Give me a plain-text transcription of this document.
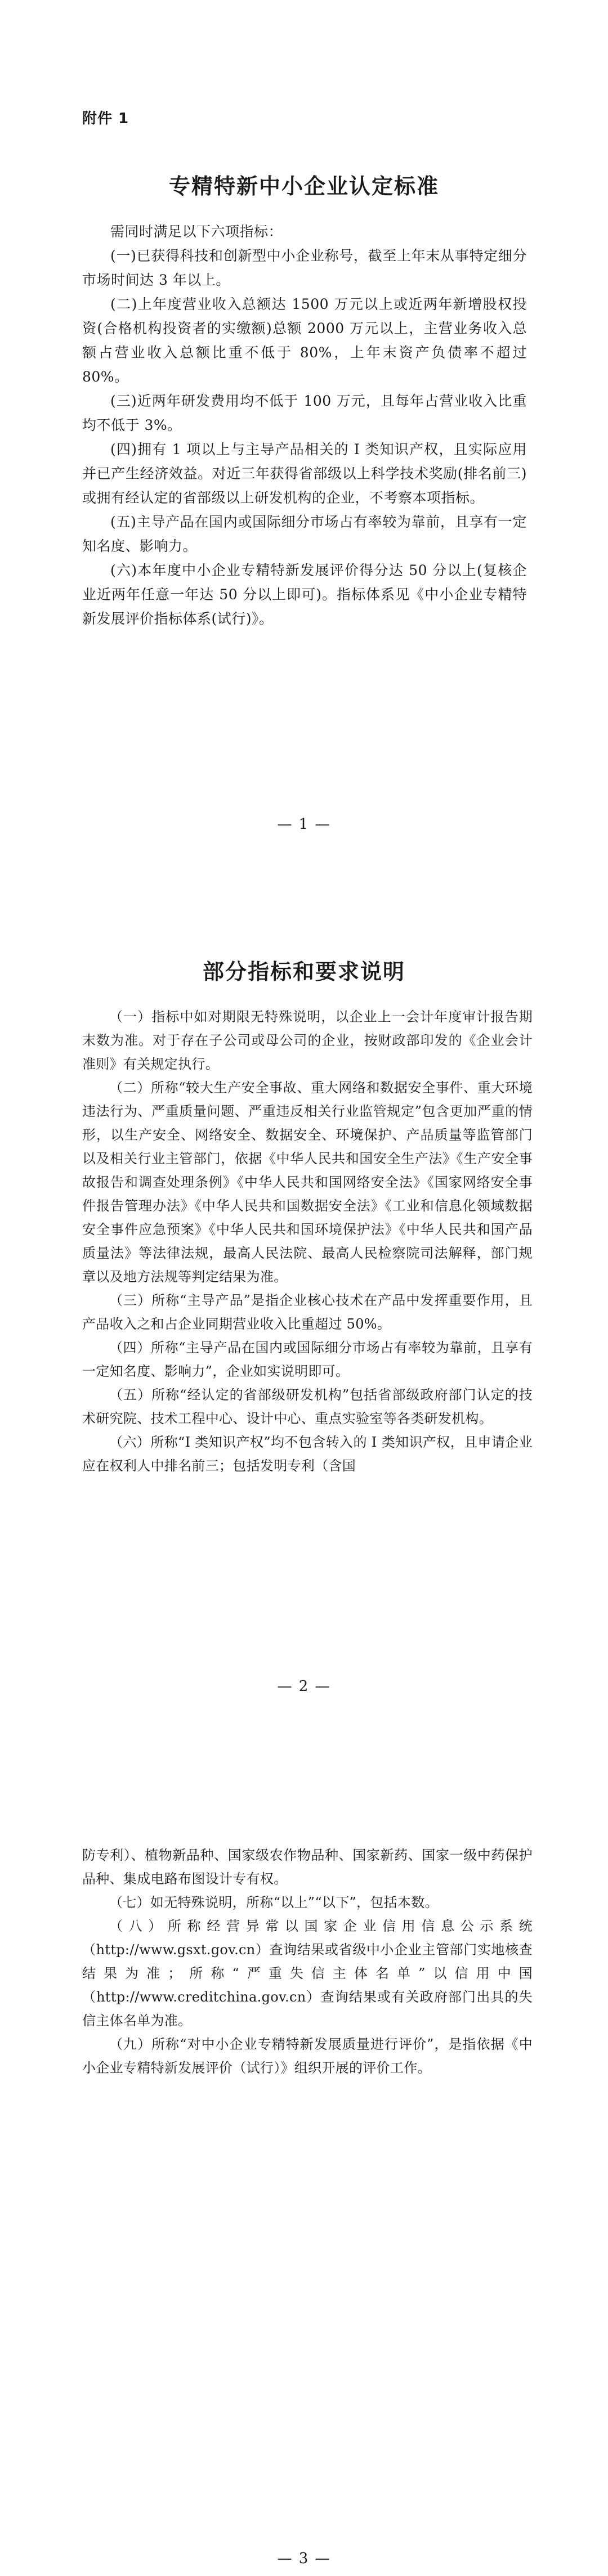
附件 1
专精特新中小企业认定标准

需同时满足以下六项指标：

(一)已获得科技和创新型中小企业称号，截至上年末从事特定细分市场时间达 3 年以上。

(二)上年度营业收入总额达 1500 万元以上或近两年新增股权投资(合格机构投资者的实缴额)总额 2000 万元以上，主营业务收入总额占营业收入总额比重不低于 80%，上年末资产负债率不超过 80%。

(三)近两年研发费用均不低于 100 万元，且每年占营业收入比重均不低于 3%。

(四)拥有 1 项以上与主导产品相关的 I 类知识产权，且实际应用并已产生经济效益。对近三年获得省部级以上科学技术奖励(排名前三)或拥有经认定的省部级以上研发机构的企业，不考察本项指标。

(五)主导产品在国内或国际细分市场占有率较为靠前，且享有一定知名度、影响力。

(六)本年度中小企业专精特新发展评价得分达 50 分以上(复核企业近两年任意一年达 50 分以上即可)。指标体系见《中小企业专精特新发展评价指标体系(试行)》。

— 1 —
部分指标和要求说明

（一）指标中如对期限无特殊说明，以企业上一会计年度审计报告期末数为准。对于存在子公司或母公司的企业，按财政部印发的《企业会计准则》有关规定执行。

（二）所称“较大生产安全事故、重大网络和数据安全事件、重大环境违法行为、严重质量问题、严重违反相关行业监管规定”包含更加严重的情形，以生产安全、网络安全、数据安全、环境保护、产品质量等监管部门以及相关行业主管部门，依据《中华人民共和国安全生产法》《生产安全事故报告和调查处理条例》《中华人民共和国网络安全法》《国家网络安全事件报告管理办法》《中华人民共和国数据安全法》《工业和信息化领域数据安全事件应急预案》《中华人民共和国环境保护法》《中华人民共和国产品质量法》等法律法规，最高人民法院、最高人民检察院司法解释，部门规章以及地方法规等判定结果为准。

（三）所称“主导产品”是指企业核心技术在产品中发挥重要作用，且产品收入之和占企业同期营业收入比重超过 50%。

（四）所称“主导产品在国内或国际细分市场占有率较为靠前，且享有一定知名度、影响力”，企业如实说明即可。

（五）所称“经认定的省部级研发机构”包括省部级政府部门认定的技术研究院、技术工程中心、设计中心、重点实验室等各类研发机构。

（六）所称“I 类知识产权”均不包含转入的 I 类知识产权，且申请企业应在权利人中排名前三；包括发明专利（含国

— 2 —

防专利）、植物新品种、国家级农作物品种、国家新药、国家一级中药保护品种、集成电路布图设计专有权。

（七）如无特殊说明，所称“以上”“以下”，包括本数。

（八）所称经营异常以国家企业信用信息公示系统（http://www.gsxt.gov.cn）查询结果或省级中小企业主管部门实地核查结果为准；所称“严重失信主体名单”以信用中国（http://www.creditchina.gov.cn）查询结果或有关政府部门出具的失信主体名单为准。

（九）所称“对中小企业专精特新发展质量进行评价”，是指依据《中小企业专精特新发展评价（试行）》组织开展的评价工作。

— 3 —
